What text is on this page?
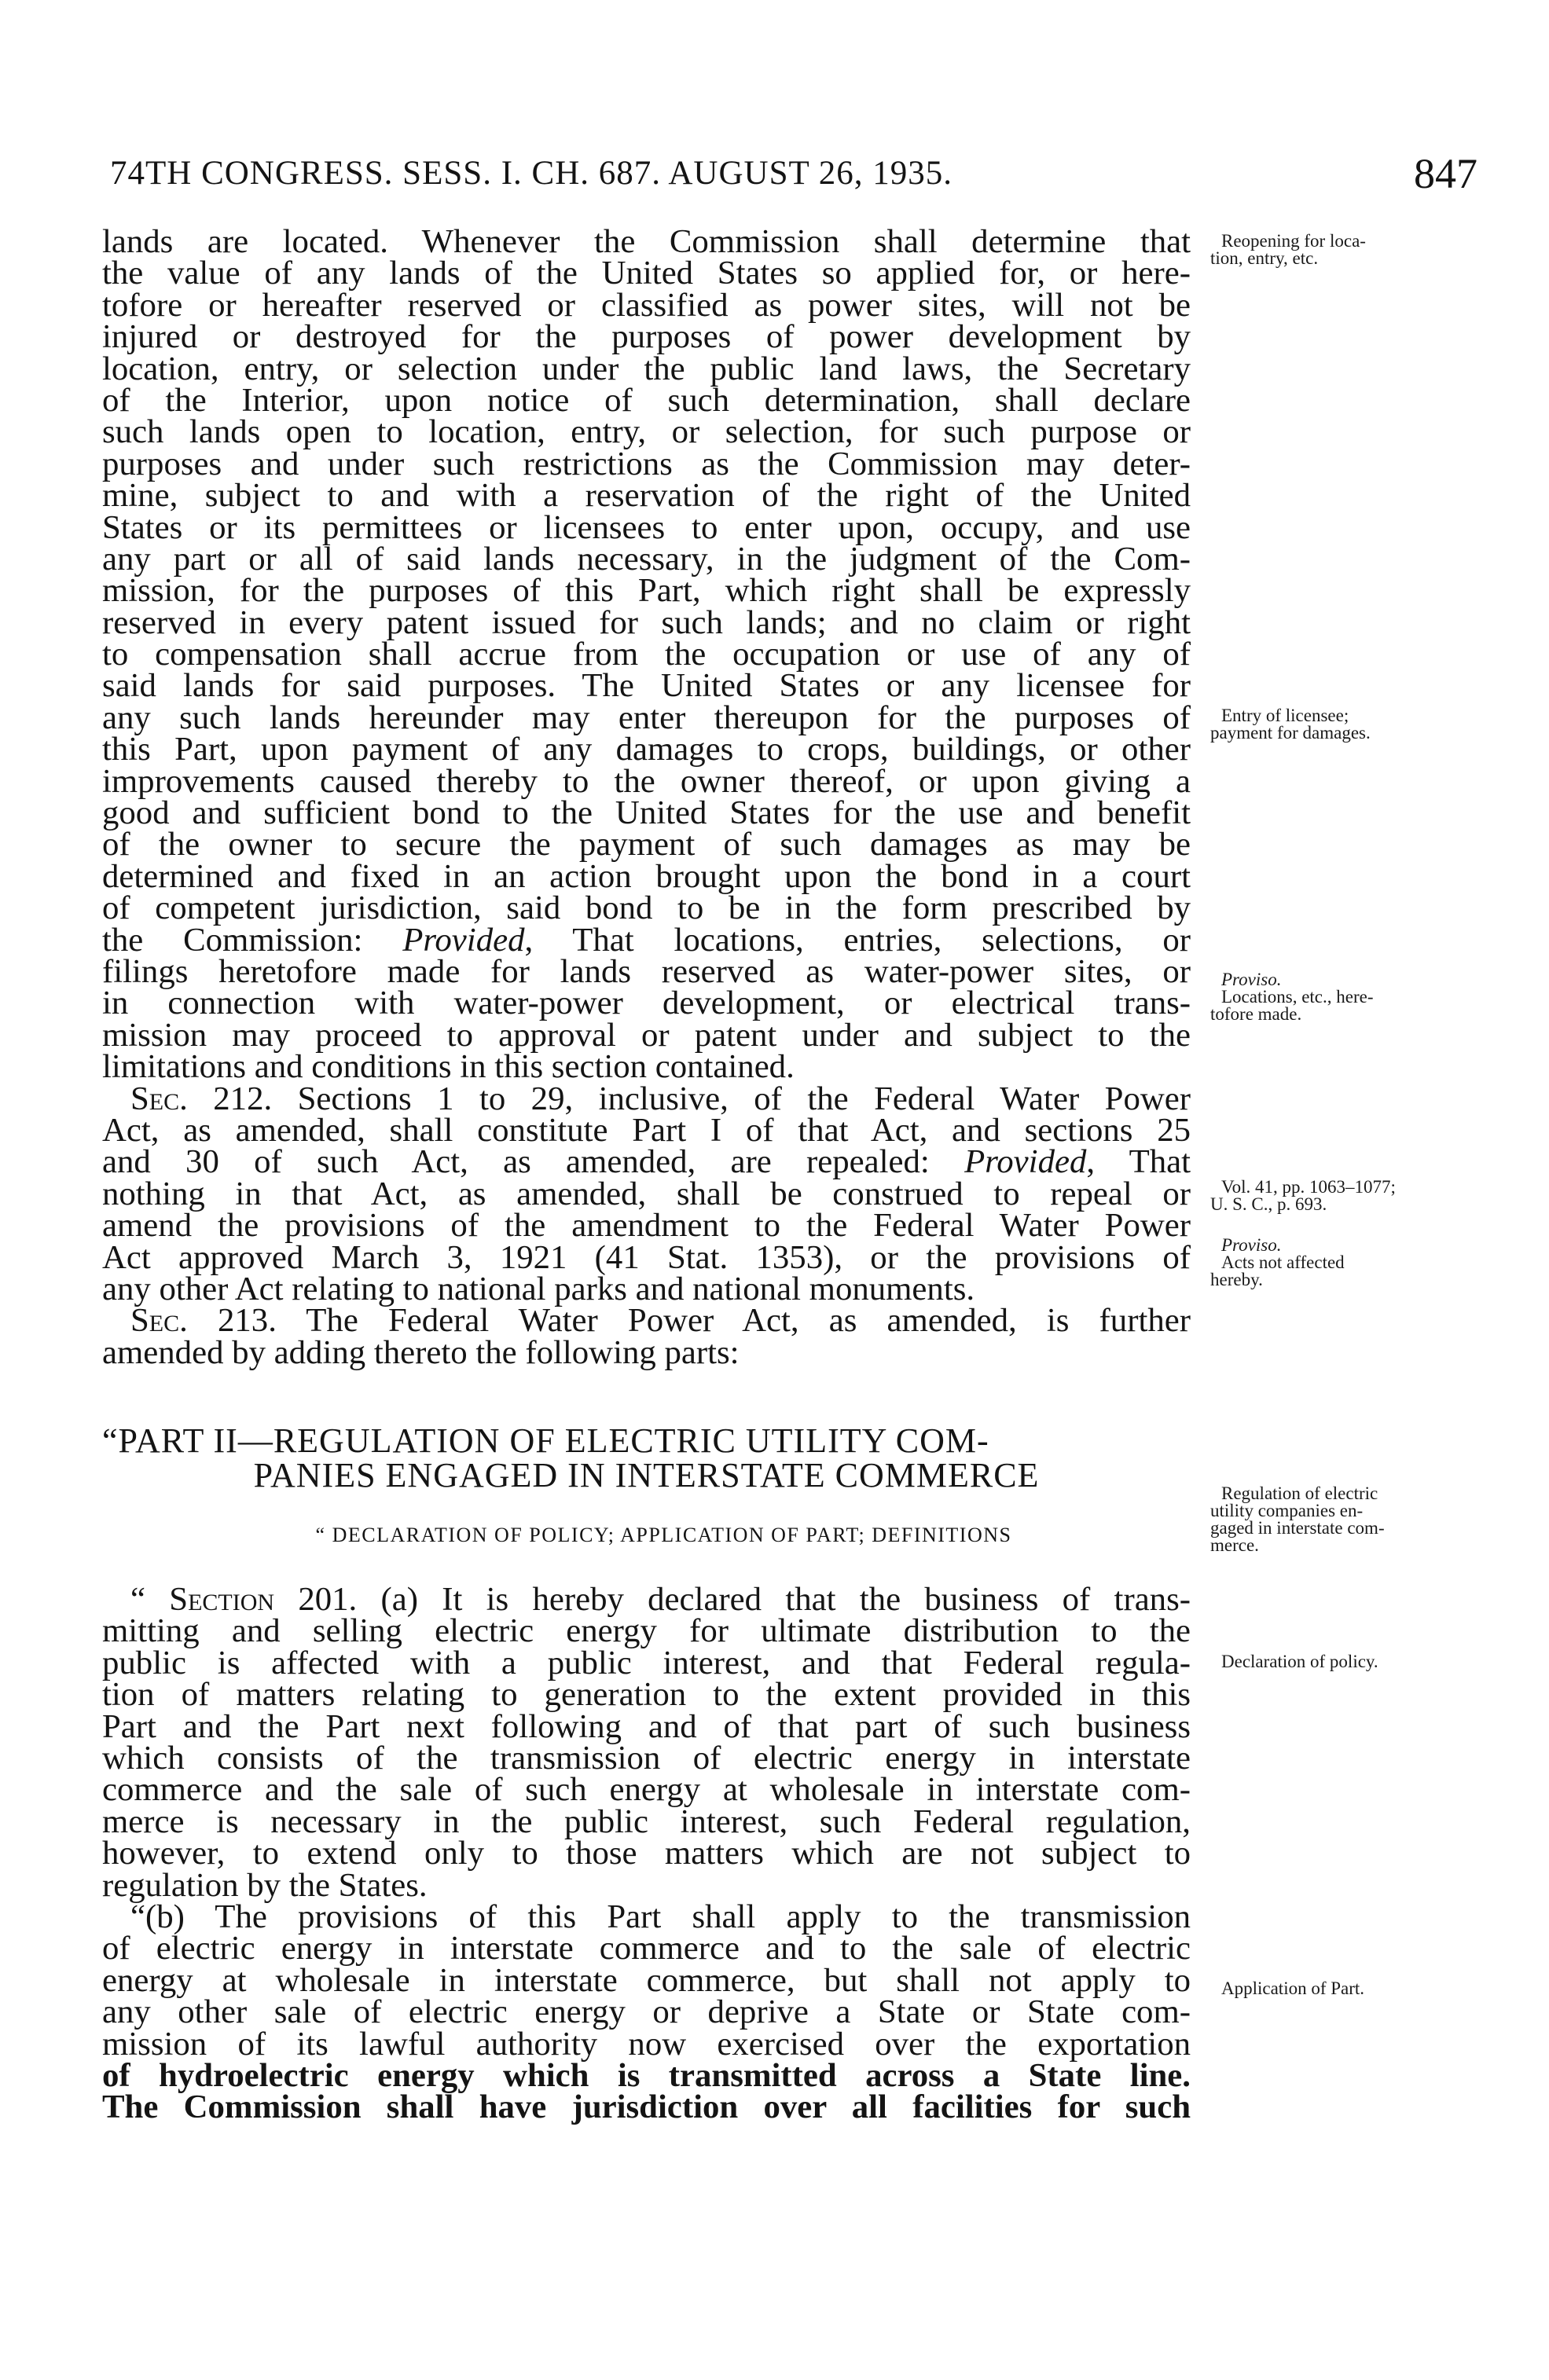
74TH CONGRESS. SESS. I. CH. 687. AUGUST 26, 1935.	847
lands are located. Whenever the Commission shall determine that
the value of any lands of the United States so applied for, or here-
tofore or hereafter reserved or classified as power sites, will not be
injured or destroyed for the purposes of power development by
location, entry, or selection under the public land laws, the Secretary
of the Interior, upon notice of such determination, shall declare
such lands open to location, entry, or selection, for such purpose or
purposes and under such restrictions as the Commission may deter-
mine, subject to and with a reservation of the right of the United
States or its permittees or licensees to enter upon, occupy, and use
any part or all of said lands necessary, in the judgment of the Com-
mission, for the purposes of this Part, which right shall be expressly
reserved in every patent issued for such lands; and no claim or right
to compensation shall accrue from the occupation or use of any of
said lands for said purposes. The United States or any licensee for
any such lands hereunder may enter thereupon for the purposes of
this Part, upon payment of any damages to crops, buildings, or other
improvements caused thereby to the owner thereof, or upon giving a
good and sufficient bond to the United States for the use and benefit
of the owner to secure the payment of such damages as may be
determined and fixed in an action brought upon the bond in a court
of competent jurisdiction, said bond to be in the form prescribed by
the Commission: Provided, That locations, entries, selections, or
filings heretofore made for lands reserved as water-power sites, or
in connection with water-power development, or electrical trans-
mission may proceed to approval or patent under and subject to the
limitations and conditions in this section contained.
Sec. 212. Sections 1 to 29, inclusive, of the Federal Water Power
Act, as amended, shall constitute Part I of that Act, and sections 25
and 30 of such Act, as amended, are repealed: Provided, That
nothing in that Act, as amended, shall be construed to repeal or
amend the provisions of the amendment to the Federal Water Power
Act approved March 3, 1921 (41 Stat. 1353), or the provisions of
any other Act relating to national parks and national monuments.
Sec. 213. The Federal Water Power Act, as amended, is further
amended by adding thereto the following parts:
“PART II—REGULATION OF ELECTRIC UTILITY COM-
PANIES ENGAGED IN INTERSTATE COMMERCE
“ DECLARATION OF POLICY; APPLICATION OF PART; DEFINITIONS
“ Section 201. (a) It is hereby declared that the business of trans-
mitting and selling electric energy for ultimate distribution to the
public is affected with a public interest, and that Federal regula-
tion of matters relating to generation to the extent provided in this
Part and the Part next following and of that part of such business
which consists of the transmission of electric energy in interstate
commerce and the sale of such energy at wholesale in interstate com-
merce is necessary in the public interest, such Federal regulation,
however, to extend only to those matters which are not subject to
regulation by the States.
“(b) The provisions of this Part shall apply to the transmission
of electric energy in interstate commerce and to the sale of electric
energy at wholesale in interstate commerce, but shall not apply to
any other sale of electric energy or deprive a State or State com-
mission of its lawful authority now exercised over the exportation
of hydroelectric energy which is transmitted across a State line.
The Commission shall have jurisdiction over all facilities for such
Reopening for loca-
tion, entry, etc.
Entry of licensee;
payment for damages.
Proviso.
Locations, etc., here-
tofore made.
Vol. 41, pp. 1063–1077;
U. S. C., p. 693.
Proviso.
Acts not affected
hereby.
Regulation of electric
utility companies en-
gaged in interstate com-
merce.
Declaration of policy.
Application of Part.
